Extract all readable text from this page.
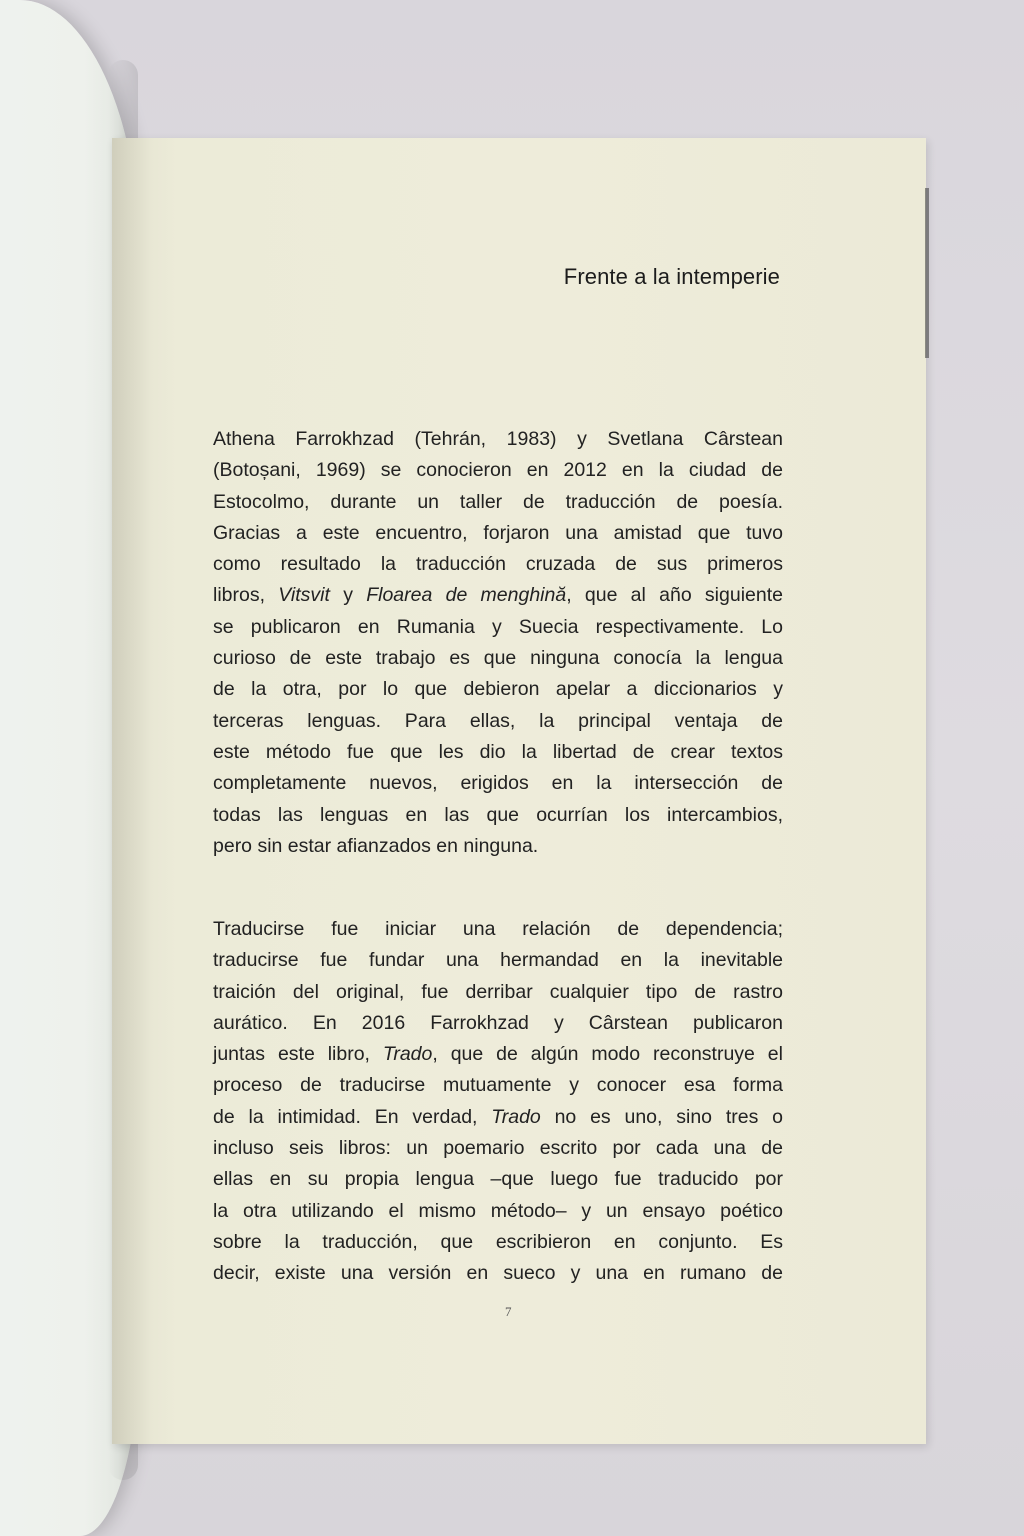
Frente a la intemperie
Athena Farrokhzad (Tehrán, 1983) y Svetlana Cârstean
(Botoșani, 1969) se conocieron en 2012 en la ciudad de
Estocolmo, durante un taller de traducción de poesía.
Gracias a este encuentro, forjaron una amistad que tuvo
como resultado la traducción cruzada de sus primeros
libros, Vitsvit y Floarea de menghină, que al año siguiente
se publicaron en Rumania y Suecia respectivamente. Lo
curioso de este trabajo es que ninguna conocía la lengua
de la otra, por lo que debieron apelar a diccionarios y
terceras lenguas. Para ellas, la principal ventaja de
este método fue que les dio la libertad de crear textos
completamente nuevos, erigidos en la intersección de
todas las lenguas en las que ocurrían los intercambios,
pero sin estar afianzados en ninguna.
Traducirse fue iniciar una relación de dependencia;
traducirse fue fundar una hermandad en la inevitable
traición del original, fue derribar cualquier tipo de rastro
aurático. En 2016 Farrokhzad y Cârstean publicaron
juntas este libro, Trado, que de algún modo reconstruye el
proceso de traducirse mutuamente y conocer esa forma
de la intimidad. En verdad, Trado no es uno, sino tres o
incluso seis libros: un poemario escrito por cada una de
ellas en su propia lengua –que luego fue traducido por
la otra utilizando el mismo método– y un ensayo poético
sobre la traducción, que escribieron en conjunto. Es
decir, existe una versión en sueco y una en rumano de
7
